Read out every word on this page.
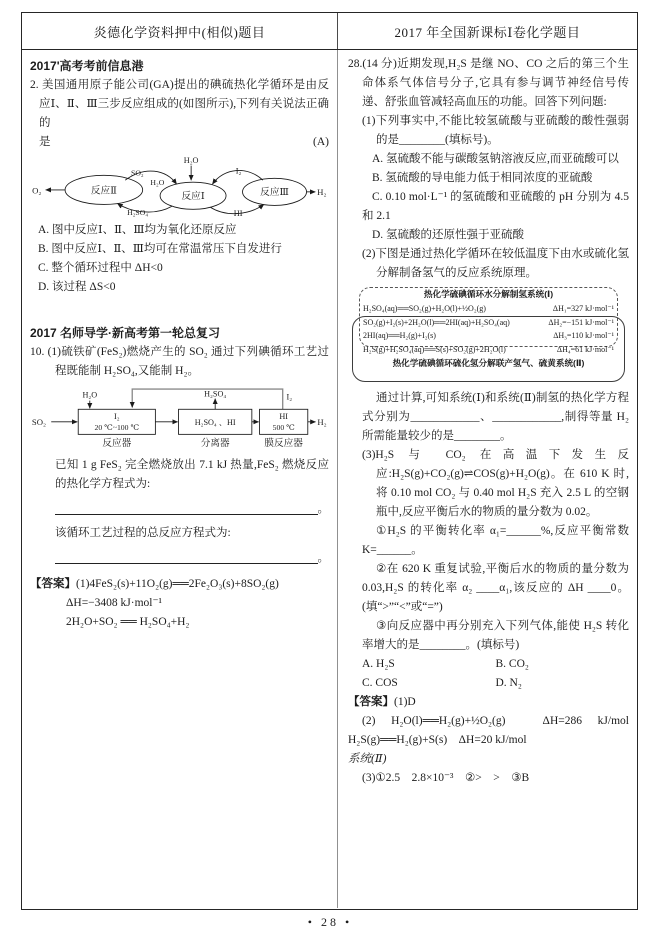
炎德化学资料押中(相似)题目	2017 年全国新课标Ⅰ卷化学题目
2017'高考考前信息港
2. 美国通用原子能公司(GA)提出的碘硫热化学循环是由反应Ⅰ、Ⅱ、Ⅲ三步反应组成的(如图所示),下列有关说法正确的
是	(A)
O₂	反应Ⅱ
SO₂
H₂O
H₂O
H₂SO₄
反应Ⅰ
I₂
HI
反应Ⅲ	H₂
A. 图中反应Ⅰ、Ⅱ、Ⅲ均为氧化还原反应
B. 图中反应Ⅰ、Ⅱ、Ⅲ均可在常温常压下自发进行
C. 整个循环过程中 ΔH<0
D. 该过程 ΔS<0
2017 名师导学·新高考第一轮总复习
10. (1)硫铁矿(FeS₂)燃烧产生的 SO₂ 通过下列碘循环工艺过程既能制 H₂SO₄,又能制 H₂。
SO₂
H₂O
I₂
20 ℃~100 ℃
反应器
H₂SO₄
H₂SO₄ 、HI
分离器
I₂
HI
500 ℃
膜反应器
H₂
已知 1 g FeS₂ 完全燃烧放出 7.1 kJ 热量,FeS₂ 燃烧反应的热化学方程式为:
。
该循环工艺过程的总反应方程式为:
。
【答案】(1)4FeS₂(s)+11O₂(g)══2Fe₂O₃(s)+8SO₂(g)
ΔH=−3408 kJ·mol⁻¹
2H₂O+SO₂ ══ H₂SO₄+H₂
28.(14 分)近期发现,H₂S 是继 NO、CO 之后的第三个生命体系气体信号分子,它具有参与调节神经信号传递、舒张血管减轻高血压的功能。回答下列问题:
(1)下列事实中,不能比较氢硫酸与亚硫酸的酸性强弱的是________(填标号)。
A. 氢硫酸不能与碳酸氢钠溶液反应,而亚硫酸可以
B. 氢硫酸的导电能力低于相同浓度的亚硫酸
C. 0.10 mol·L⁻¹ 的氢硫酸和亚硫酸的 pH 分别为 4.5 和 2.1
D. 氢硫酸的还原性强于亚硫酸
(2)下图是通过热化学循环在较低温度下由水或硫化氢分解制备氢气的反应系统原理。
热化学硫碘循环水分解制氢系统(Ⅰ)
H₂SO₄(aq)══SO₂(g)+H₂O(l)+½O₂(g)	ΔH₁=327 kJ·mol⁻¹
SO₂(g)+I₂(s)+2H₂O(l)══2HI(aq)+H₂SO₄(aq)	ΔH₂=−151 kJ·mol⁻¹
2HI(aq)══H₂(g)+I₂(s)	ΔH₃=110 kJ·mol⁻¹
H₂S(g)+H₂SO₄(aq)══S(s)+SO₂(g)+2H₂O(l)	ΔH₄=61 kJ·mol⁻¹
热化学硫碘循环硫化氢分解联产氢气、硫黄系统(Ⅱ)
通过计算,可知系统(Ⅰ)和系统(Ⅱ)制氢的热化学方程式分别为____________、____________,制得等量 H₂ 所需能量较少的是________。
(3)H₂S 与 CO₂ 在高温下发生反应:H₂S(g)+CO₂(g)⇌COS(g)+H₂O(g)。在 610 K 时,将 0.10 mol CO₂ 与 0.40 mol H₂S 充入 2.5 L 的空钢瓶中,反应平衡后水的物质的量分数为 0.02。
①H₂S 的平衡转化率 α₁=______%,反应平衡常数 K=______。
②在 620 K 重复试验,平衡后水的物质的量分数为 0.03,H₂S 的转化率 α₂ ____α₁,该反应的 ΔH ____0。(填“>”“<”或“=”)
③向反应器中再分别充入下列气体,能使 H₂S 转化率增大的是________。(填标号)
A. H₂S	B. CO₂
C. COS	D. N₂
【答案】(1)D
(2) H₂O(l)══H₂(g)+½O₂(g)　ΔH=286 kJ/mol　H₂S(g)══H₂(g)+S(s)　ΔH=20 kJ/mol
系统(Ⅱ)
(3)①2.5　2.8×10⁻³　②>　>　③B
• 28 •
